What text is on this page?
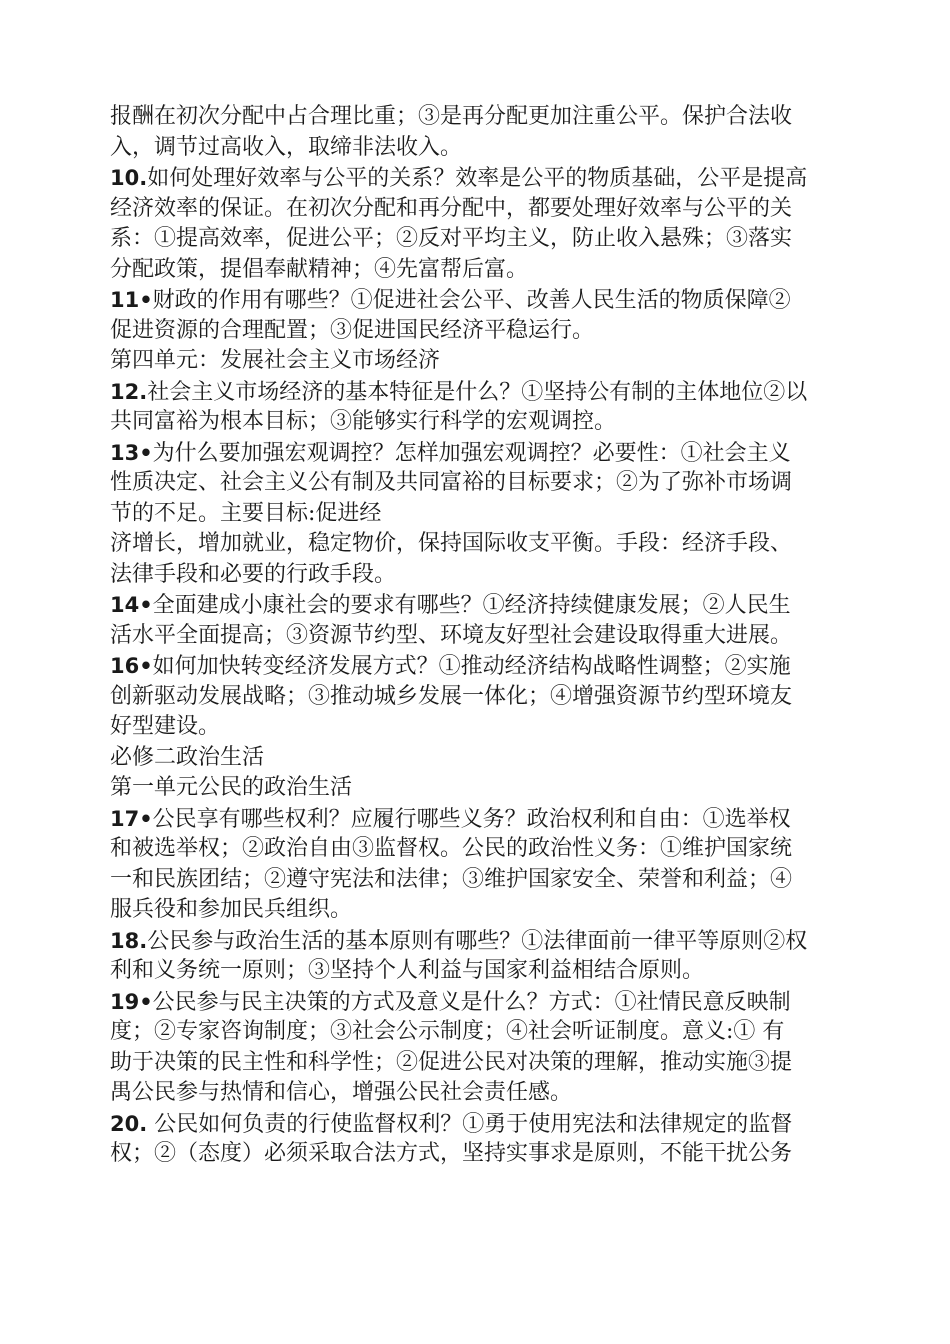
报酬在初次分配中占合理比重；③是再分配更加注重公平。保护合法收
入，调节过高收入，取缔非法收入。
10.如何处理好效率与公平的关系？效率是公平的物质基础，公平是提高
经济效率的保证。在初次分配和再分配中，都要处理好效率与公平的关
系：①提高效率，促进公平；②反对平均主义，防止收入悬殊；③落实
分配政策，提倡奉献精神；④先富帮后富。
11•财政的作用有哪些？①促进社会公平、改善人民生活的物质保障②
促进资源的合理配置；③促进国民经济平稳运行。
第四单元：发展社会主义市场经济
12.社会主义市场经济的基本特征是什么？①坚持公有制的主体地位②以
共同富裕为根本目标；③能够实行科学的宏观调控。
13•为什么要加强宏观调控？怎样加强宏观调控？必要性：①社会主义
性质决定、社会主义公有制及共同富裕的目标要求；②为了弥补市场调
节的不足。主要目标:促进经
济增长，增加就业，稳定物价，保持国际收支平衡。手段：经济手段、
法律手段和必要的行政手段。
14•全面建成小康社会的要求有哪些？①经济持续健康发展；②人民生
活水平全面提高；③资源节约型、环境友好型社会建设取得重大进展。
16•如何加快转变经济发展方式？①推动经济结构战略性调整；②实施
创新驱动发展战略；③推动城乡发展一体化；④增强资源节约型环境友
好型建设。
必修二政治生活
第一单元公民的政治生活
17•公民享有哪些权利？应履行哪些义务？政治权利和自由：①选举权
和被选举权；②政治自由③监督权。公民的政治性义务：①维护国家统
一和民族团结；②遵守宪法和法律；③维护国家安全、荣誉和利益；④
服兵役和参加民兵组织。
18.公民参与政治生活的基本原则有哪些？①法律面前一律平等原则②权
利和义务统一原则；③坚持个人利益与国家利益相结合原则。
19•公民参与民主决策的方式及意义是什么？方式：①社情民意反映制
度；②专家咨询制度；③社会公示制度；④社会听证制度。意义:① 有
助于决策的民主性和科学性；②促进公民对决策的理解，推动实施③提
禺公民参与热情和信心，增强公民社会责任感。
20. 公民如何负责的行使监督权利？①勇于使用宪法和法律规定的监督
权；②（态度）必须采取合法方式，坚持实事求是原则，不能干扰公务
